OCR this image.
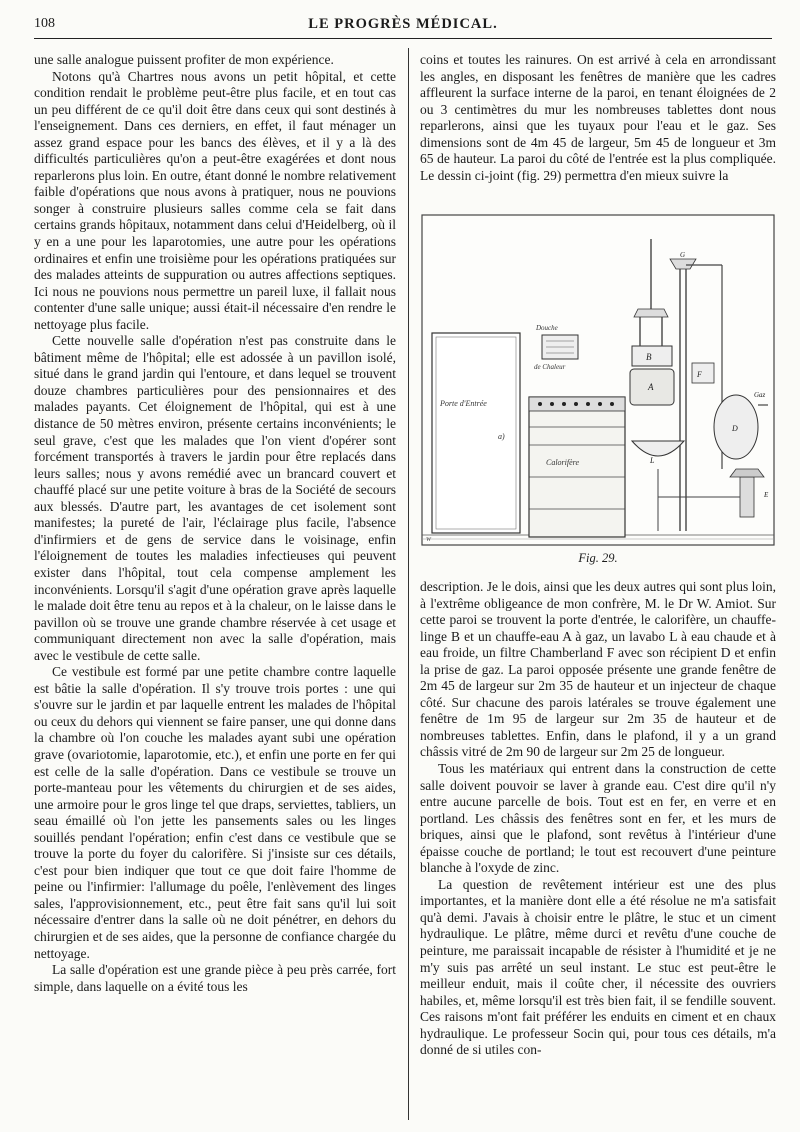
108	LE PROGRÈS MÉDICAL.

une salle analogue puissent profiter de mon expérience.

Notons qu'à Chartres nous avons un petit hôpital, et cette condition rendait le problème peut-être plus facile, et en tout cas un peu différent de ce qu'il doit être dans ceux qui sont destinés à l'enseignement. Dans ces derniers, en effet, il faut ménager un assez grand espace pour les bancs des élèves, et il y a là des difficultés particulières qu'on a peut-être exagérées et dont nous reparlerons plus loin. En outre, étant donné le nombre relativement faible d'opérations que nous avons à pratiquer, nous ne pouvions songer à construire plusieurs salles comme cela se fait dans certains grands hôpitaux, notamment dans celui d'Heidelberg, où il y en a une pour les laparotomies, une autre pour les opérations ordinaires et enfin une troisième pour les opérations pratiquées sur des malades atteints de suppuration ou autres affections septiques. Ici nous ne pouvions nous permettre un pareil luxe, il fallait nous contenter d'une salle unique; aussi était-il nécessaire d'en rendre le nettoyage plus facile.

Cette nouvelle salle d'opération n'est pas construite dans le bâtiment même de l'hôpital; elle est adossée à un pavillon isolé, situé dans le grand jardin qui l'entoure, et dans lequel se trouvent douze chambres particulières pour des pensionnaires et des malades payants. Cet éloignement de l'hôpital, qui est à une distance de 50 mètres environ, présente certains inconvénients; le seul grave, c'est que les malades que l'on vient d'opérer sont forcément transportés à travers le jardin pour être replacés dans leurs salles; nous y avons remédié avec un brancard couvert et chauffé placé sur une petite voiture à bras de la Société de secours aux blessés. D'autre part, les avantages de cet isolement sont manifestes; la pureté de l'air, l'éclairage plus facile, l'absence d'infirmiers et de gens de service dans le voisinage, enfin l'éloignement de toutes les maladies infectieuses qui peuvent exister dans l'hôpital, tout cela compense amplement les inconvénients. Lorsqu'il s'agit d'une opération grave après laquelle le malade doit être tenu au repos et à la chaleur, on le laisse dans le pavillon où se trouve une grande chambre réservée à cet usage et communiquant directement non avec la salle d'opération, mais avec le vestibule de cette salle.

Ce vestibule est formé par une petite chambre contre laquelle est bâtie la salle d'opération. Il s'y trouve trois portes : une qui s'ouvre sur le jardin et par laquelle entrent les malades de l'hôpital ou ceux du dehors qui viennent se faire panser, une qui donne dans la chambre où l'on couche les malades ayant subi une opération grave (ovariotomie, laparotomie, etc.), et enfin une porte en fer qui est celle de la salle d'opération. Dans ce vestibule se trouve un porte-manteau pour les vêtements du chirurgien et de ses aides, une armoire pour le gros linge tel que draps, serviettes, tabliers, un seau émaillé où l'on jette les pansements sales ou les linges souillés pendant l'opération; enfin c'est dans ce vestibule que se trouve la porte du foyer du calorifère. Si j'insiste sur ces détails, c'est pour bien indiquer que tout ce que doit faire l'homme de peine ou l'infirmier: l'allumage du poêle, l'enlèvement des linges sales, l'approvisionnement, etc., peut être fait sans qu'il lui soit nécessaire d'entrer dans la salle où ne doit pénétrer, en dehors du chirurgien et de ses aides, que la personne de confiance chargée du nettoyage.

La salle d'opération est une grande pièce à peu près carrée, fort simple, dans laquelle on a évité tous les

coins et toutes les rainures. On est arrivé à cela en arrondissant les angles, en disposant les fenêtres de manière que les cadres affleurent la surface interne de la paroi, en tenant éloignées de 2 ou 3 centimètres du mur les nombreuses tablettes dont nous reparlerons, ainsi que les tuyaux pour l'eau et le gaz. Ses dimensions sont de 4m 45 de largeur, 5m 45 de longueur et 3m 65 de hauteur. La paroi du côté de l'entrée est la plus compliquée. Le dessin ci-joint (fig. 29) permettra d'en mieux suivre la

Porte d'Entrée
a)
Calorifère
Douche
de Chaleur
B
A
G
F
L
D
Gaz
E
W
Fig. 29.

description. Je le dois, ainsi que les deux autres qui sont plus loin, à l'extrême obligeance de mon confrère, M. le Dr W. Amiot. Sur cette paroi se trouvent la porte d'entrée, le calorifère, un chauffe-linge B et un chauffe-eau A à gaz, un lavabo L à eau chaude et à eau froide, un filtre Chamberland F avec son récipient D et enfin la prise de gaz. La paroi opposée présente une grande fenêtre de 2m 45 de largeur sur 2m 35 de hauteur et un injecteur de chaque côté. Sur chacune des parois latérales se trouve également une fenêtre de 1m 95 de largeur sur 2m 35 de hauteur et de nombreuses tablettes. Enfin, dans le plafond, il y a un grand châssis vitré de 2m 90 de largeur sur 2m 25 de longueur.

Tous les matériaux qui entrent dans la construction de cette salle doivent pouvoir se laver à grande eau. C'est dire qu'il n'y entre aucune parcelle de bois. Tout est en fer, en verre et en portland. Les châssis des fenêtres sont en fer, et les murs de briques, ainsi que le plafond, sont revêtus à l'intérieur d'une épaisse couche de portland; le tout est recouvert d'une peinture blanche à l'oxyde de zinc.

La question de revêtement intérieur est une des plus importantes, et la manière dont elle a été résolue ne m'a satisfait qu'à demi. J'avais à choisir entre le plâtre, le stuc et un ciment hydraulique. Le plâtre, même durci et revêtu d'une couche de peinture, me paraissait incapable de résister à l'humidité et je ne m'y suis pas arrêté un seul instant. Le stuc est peut-être le meilleur enduit, mais il coûte cher, il nécessite des ouvriers habiles, et, même lorsqu'il est très bien fait, il se fendille souvent. Ces raisons m'ont fait préférer les enduits en ciment et en chaux hydraulique. Le professeur Socin qui, pour tous ces détails, m'a donné de si utiles con-
